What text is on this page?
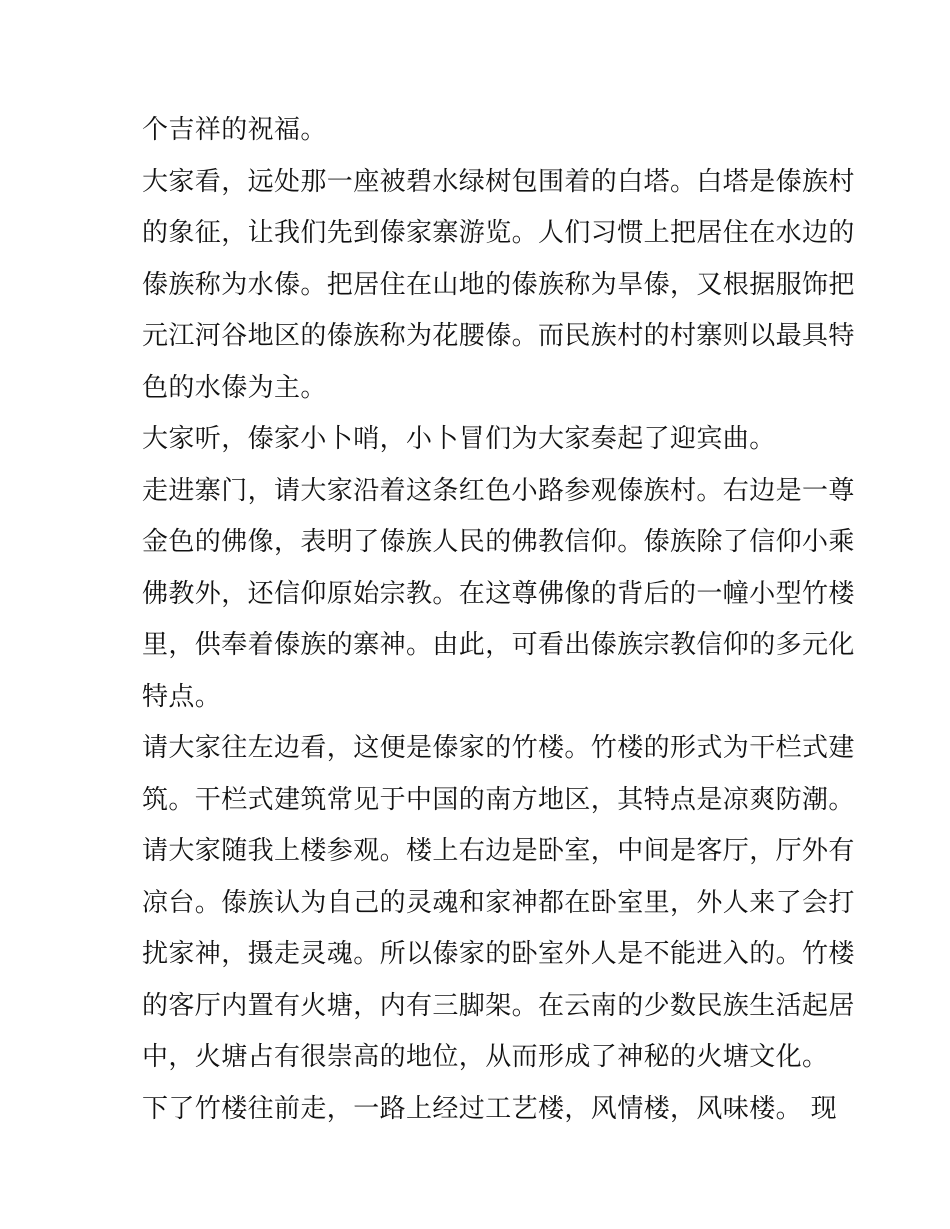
个吉祥的祝福。
大家看，远处那一座被碧水绿树包围着的白塔。白塔是傣族村
的象征，让我们先到傣家寨游览。人们习惯上把居住在水边的
傣族称为水傣。把居住在山地的傣族称为旱傣，又根据服饰把
元江河谷地区的傣族称为花腰傣。而民族村的村寨则以最具特
色的水傣为主。
大家听，傣家小卜哨，小卜冒们为大家奏起了迎宾曲。
走进寨门，请大家沿着这条红色小路参观傣族村。右边是一尊
金色的佛像，表明了傣族人民的佛教信仰。傣族除了信仰小乘
佛教外，还信仰原始宗教。在这尊佛像的背后的一幢小型竹楼
里，供奉着傣族的寨神。由此，可看出傣族宗教信仰的多元化
特点。
请大家往左边看，这便是傣家的竹楼。竹楼的形式为干栏式建
筑。干栏式建筑常见于中国的南方地区，其特点是凉爽防潮。
请大家随我上楼参观。楼上右边是卧室，中间是客厅，厅外有
凉台。傣族认为自己的灵魂和家神都在卧室里，外人来了会打
扰家神，摄走灵魂。所以傣家的卧室外人是不能进入的。竹楼
的客厅内置有火塘，内有三脚架。在云南的少数民族生活起居
中，火塘占有很崇高的地位，从而形成了神秘的火塘文化。
下了竹楼往前走，一路上经过工艺楼，风情楼，风味楼。 现
